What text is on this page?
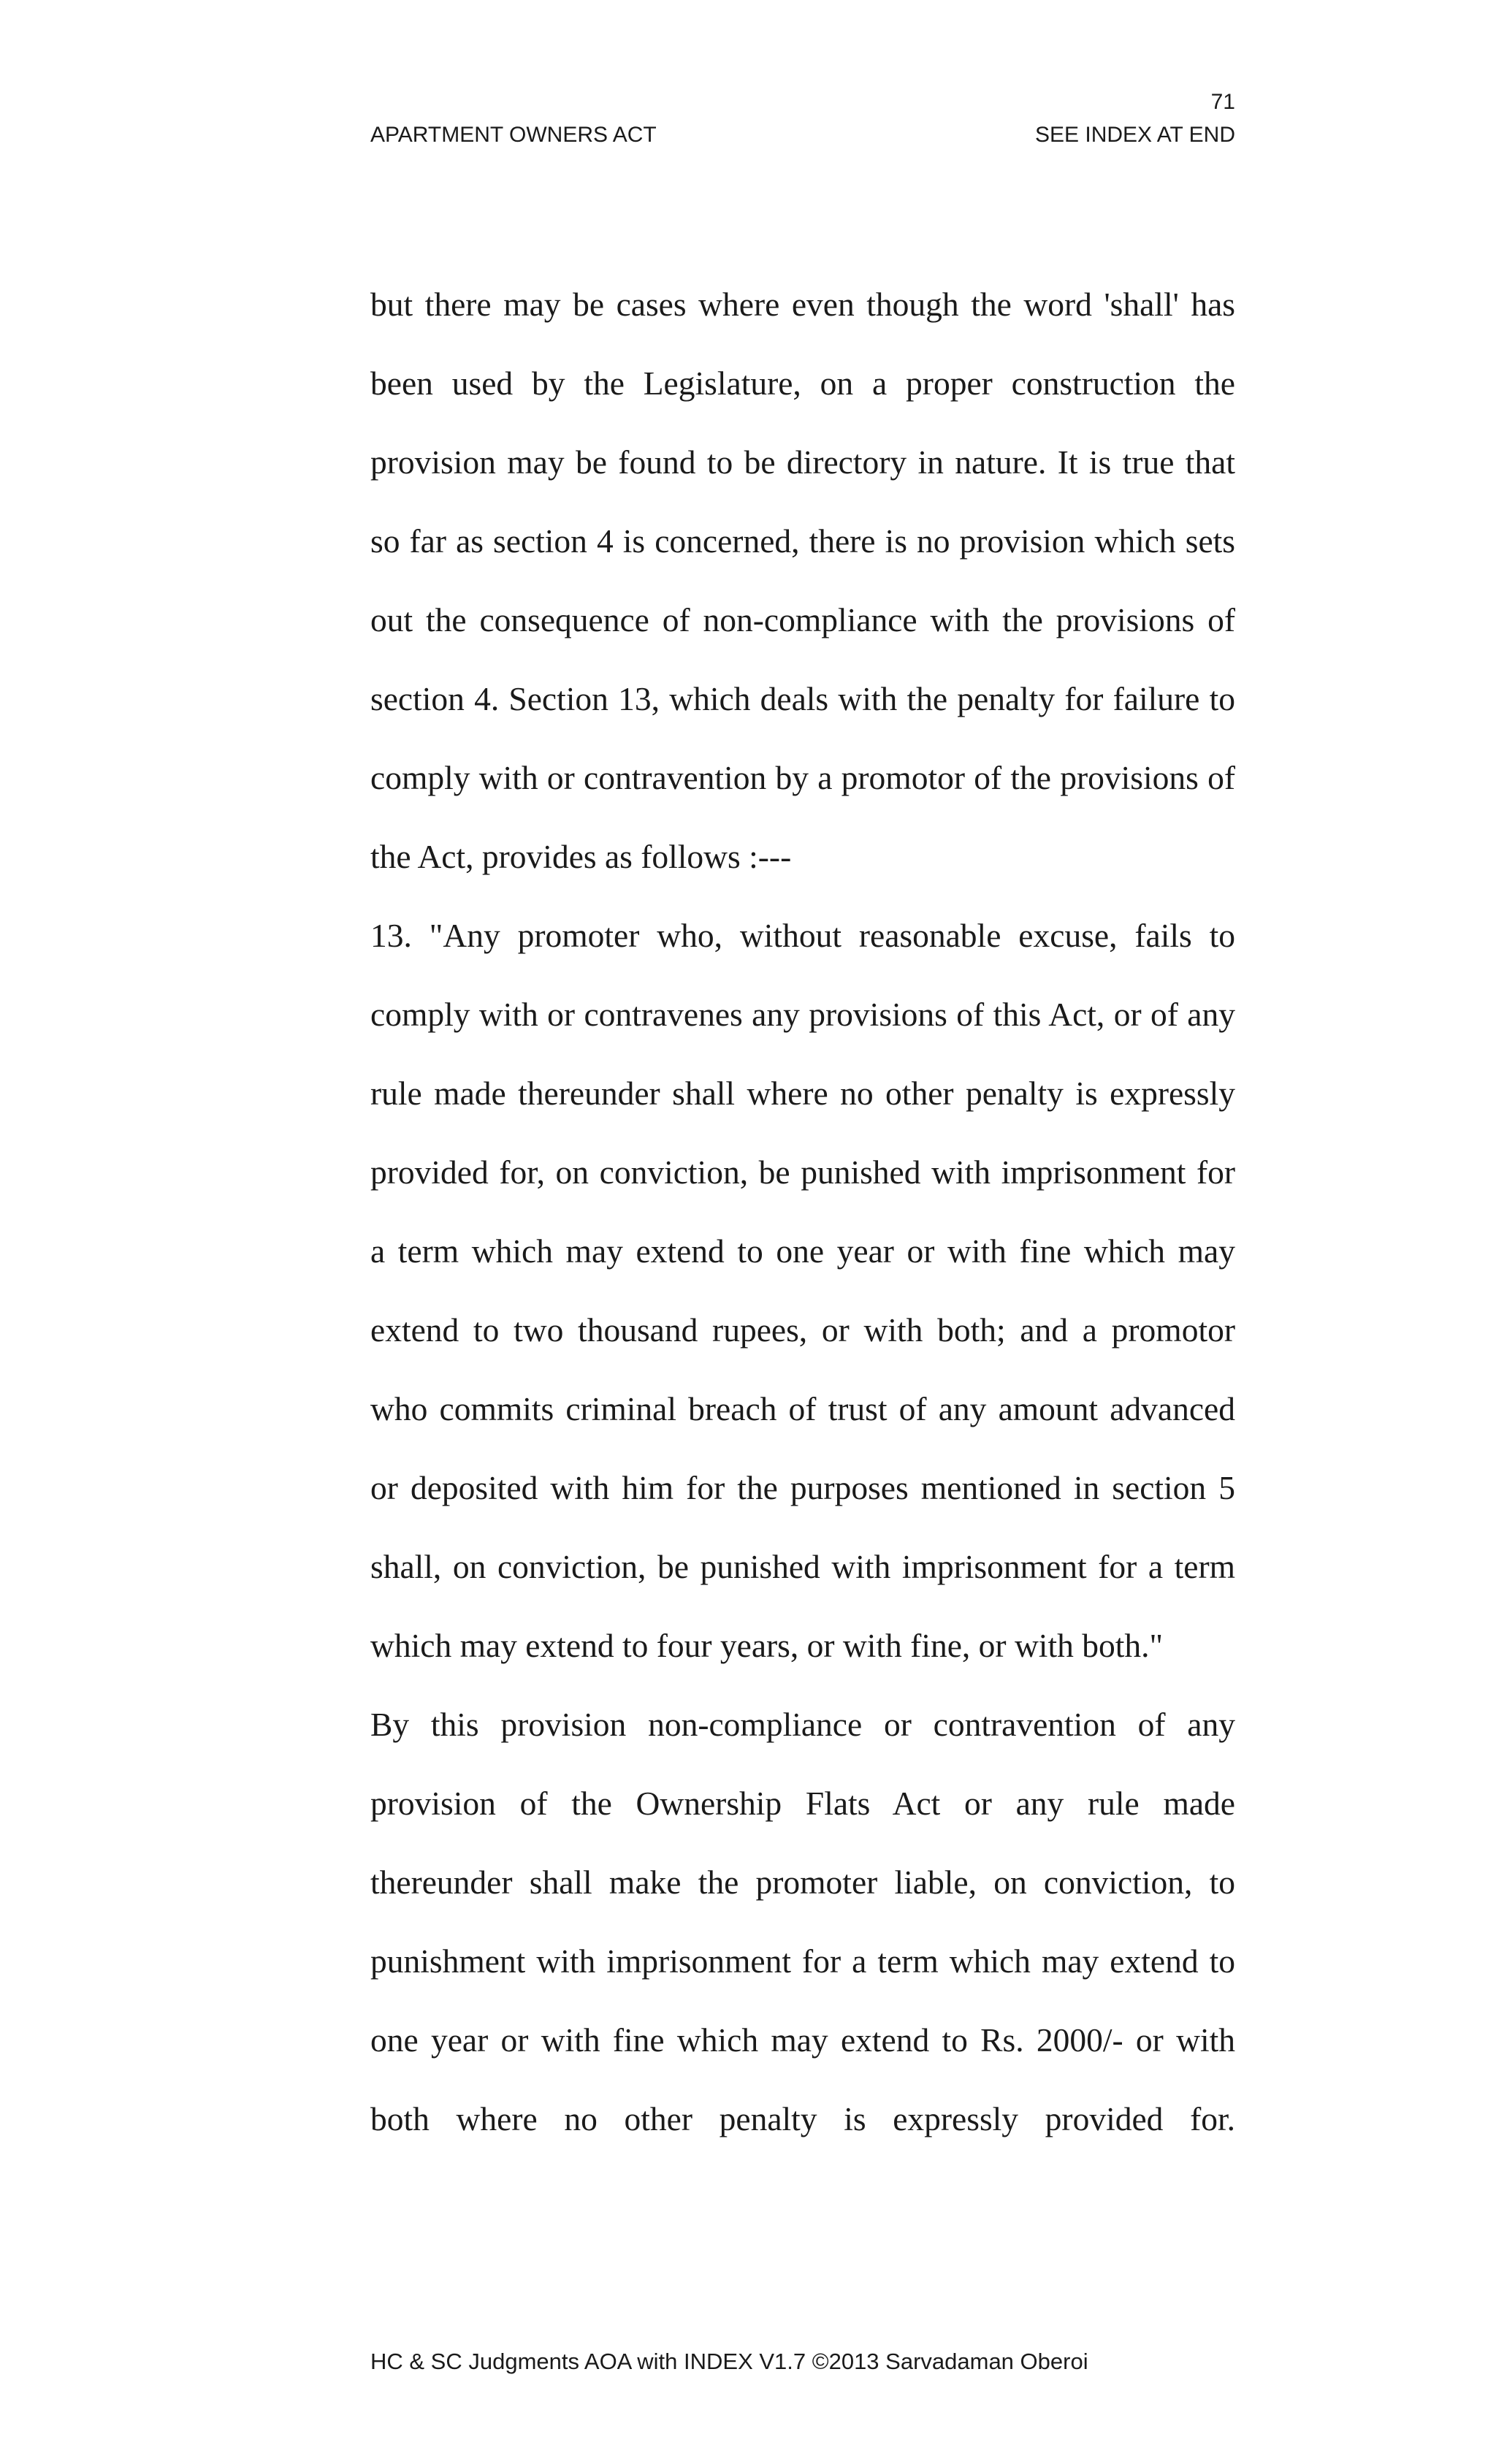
71
APARTMENT OWNERS ACT	SEE INDEX AT END

but there may be cases where even though the word 'shall' has been used by the Legislature, on a proper construction the provision may be found to be directory in nature. It is true that so far as section 4 is concerned, there is no provision which sets out the consequence of non-compliance with the provisions of section 4. Section 13, which deals with the penalty for failure to comply with or contravention by a promotor of the provisions of the Act, provides as follows :---

13. "Any promoter who, without reasonable excuse, fails to comply with or contravenes any provisions of this Act, or of any rule made thereunder shall where no other penalty is expressly provided for, on conviction, be punished with imprisonment for a term which may extend to one year or with fine which may extend to two thousand rupees, or with both; and a promotor who commits criminal breach of trust of any amount advanced or deposited with him for the purposes mentioned in section 5 shall, on conviction, be punished with imprisonment for a term which may extend to four years, or with fine, or with both."

By this provision non-compliance or contravention of any provision of the Ownership Flats Act or any rule made thereunder shall make the promoter liable, on conviction, to punishment with imprisonment for a term which may extend to one year or with fine which may extend to Rs. 2000/- or with both where no other penalty is expressly provided for.

HC & SC Judgments AOA with INDEX V1.7 ©2013 Sarvadaman Oberoi
